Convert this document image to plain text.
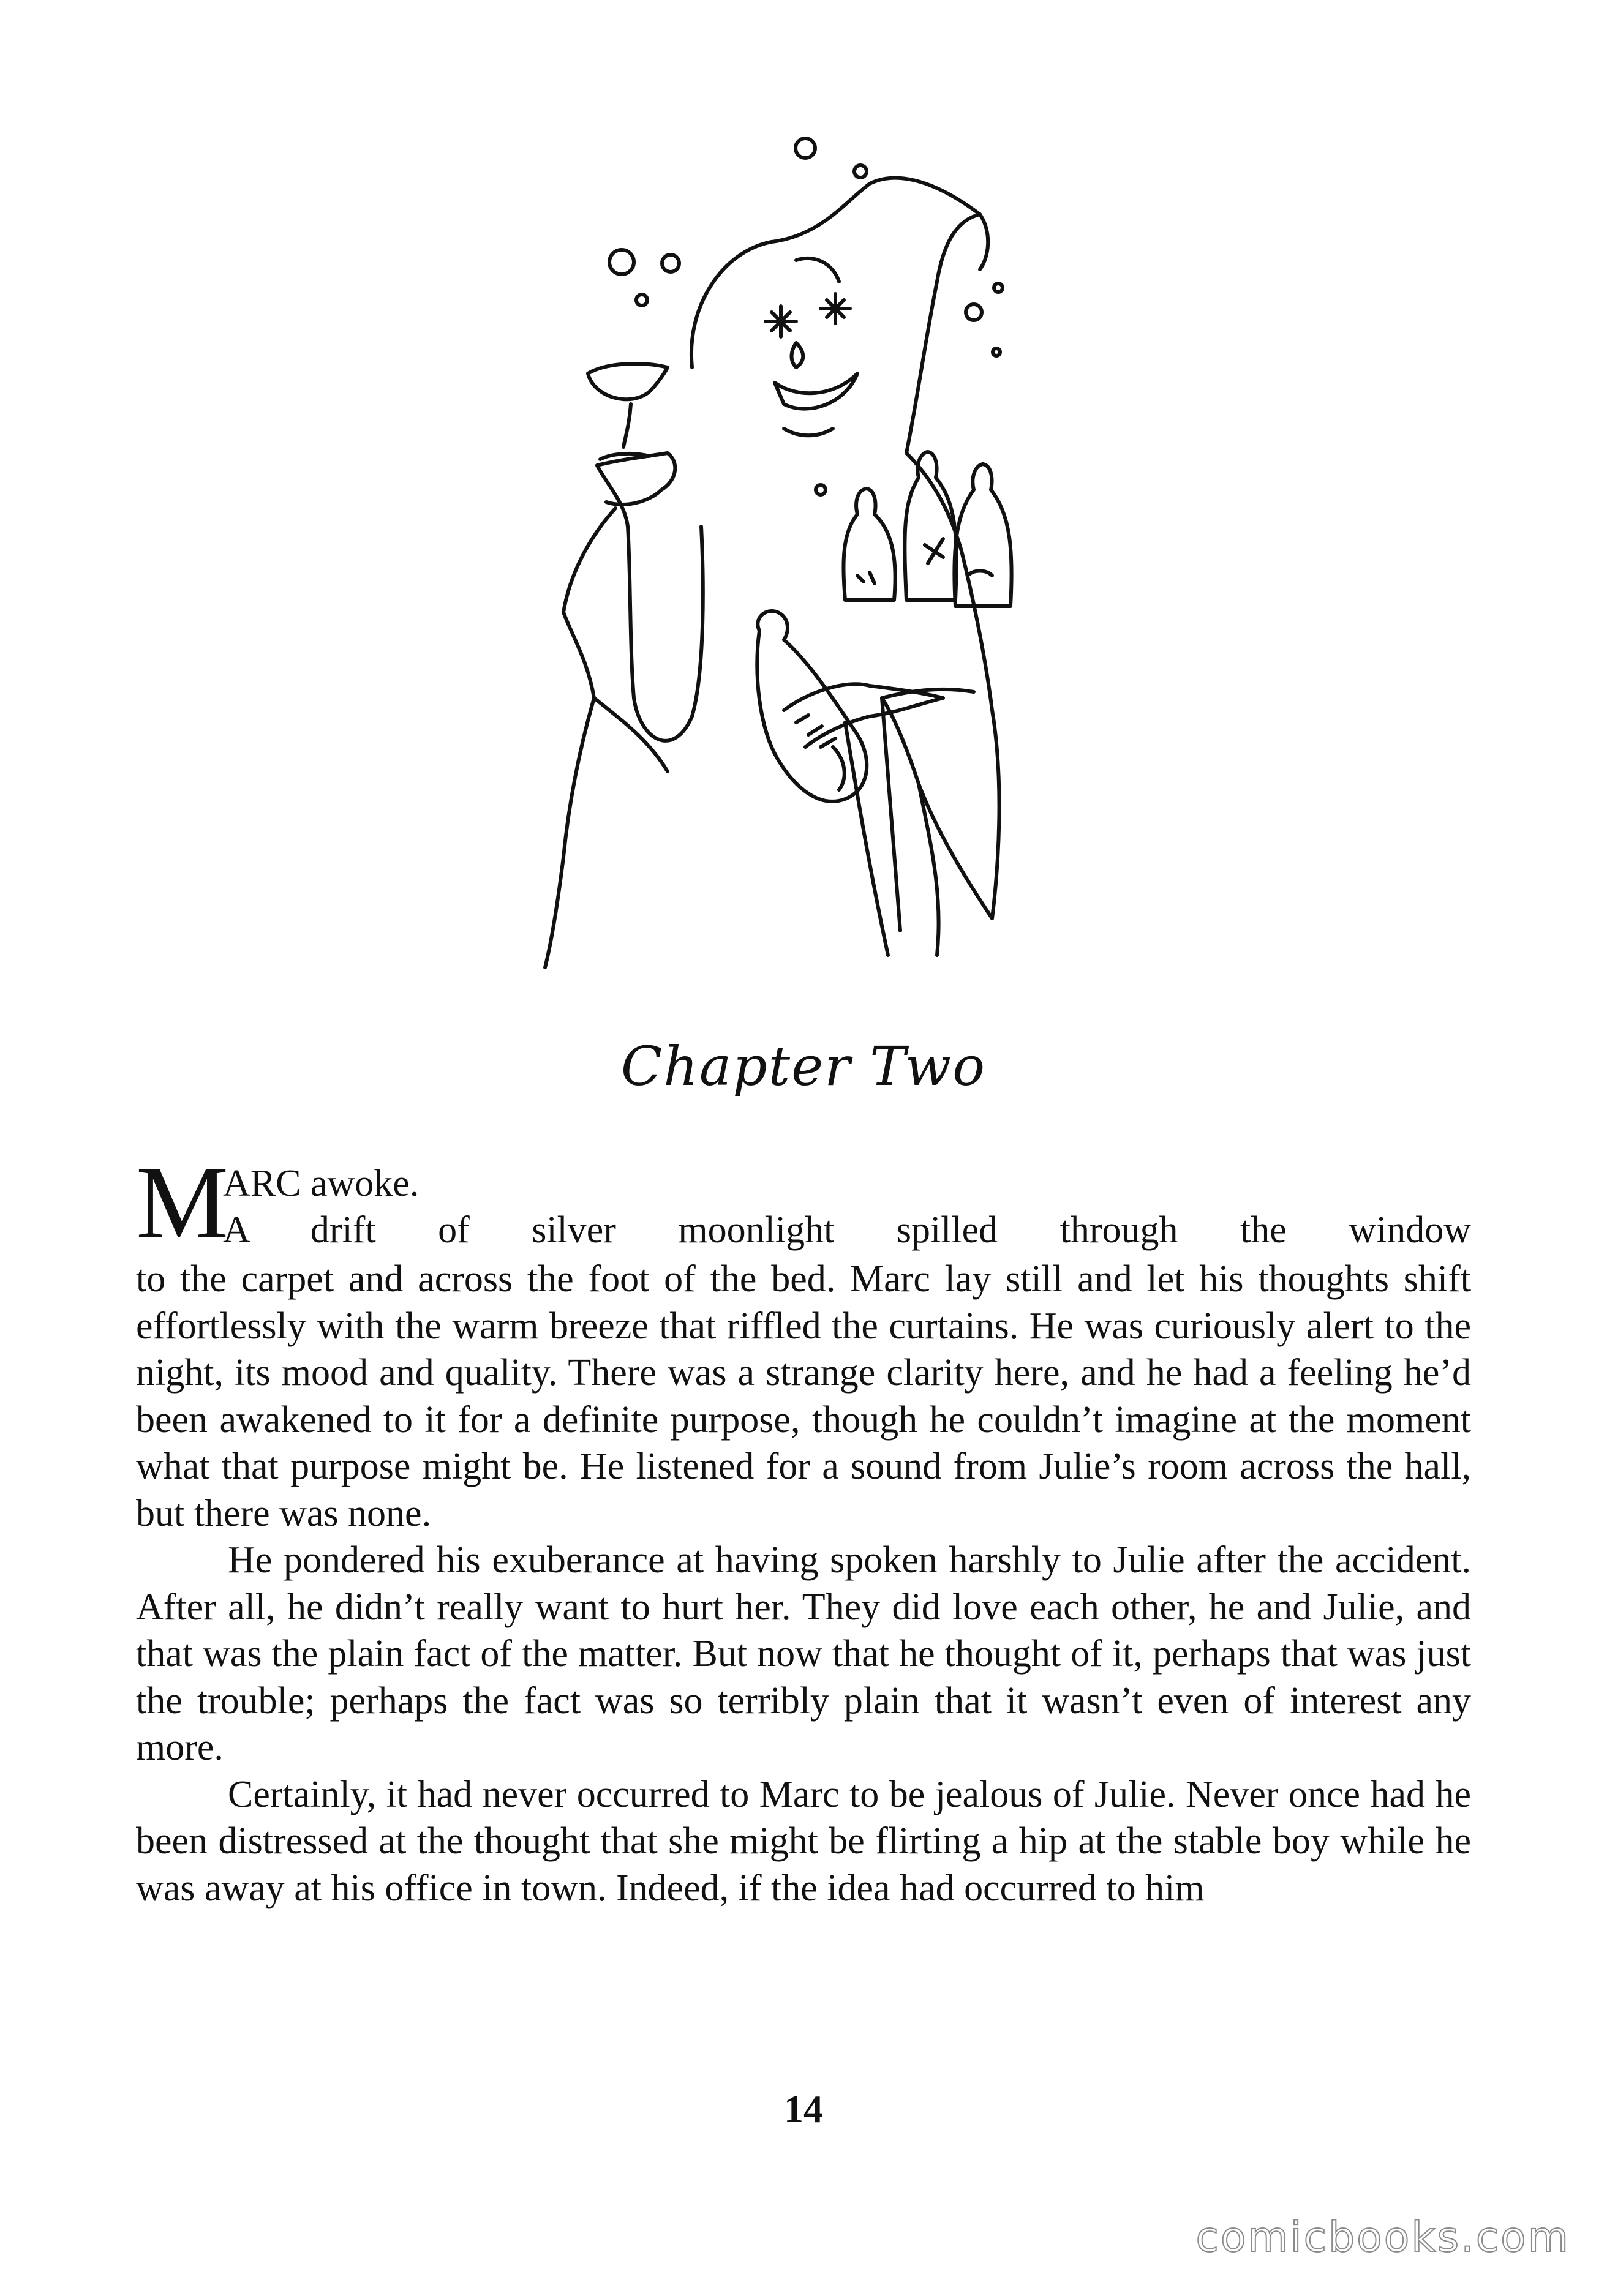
Chapter Two
M
ARC awoke.
A drift of silver moonlight spilled through the window

to the carpet and across the foot of the bed. Marc lay still and let his thoughts shift effortlessly with the warm breeze that riffled the curtains. He was curiously alert to the night, its mood and quality. There was a strange clarity here, and he had a feeling he’d been awakened to it for a definite purpose, though he couldn’t imagine at the moment what that purpose might be. He listened for a sound from Julie’s room across the hall, but there was none.

He pondered his exuberance at having spoken harshly to Julie after the accident. After all, he didn’t really want to hurt her. They did love each other, he and Julie, and that was the plain fact of the matter. But now that he thought of it, perhaps that was just the trouble; perhaps the fact was so terribly plain that it wasn’t even of interest any more.

Certainly, it had never occurred to Marc to be jealous of Julie. Never once had he been distressed at the thought that she might be flirting a hip at the stable boy while he was away at his office in town. Indeed, if the idea had occurred to him

14
comicbooks.com
